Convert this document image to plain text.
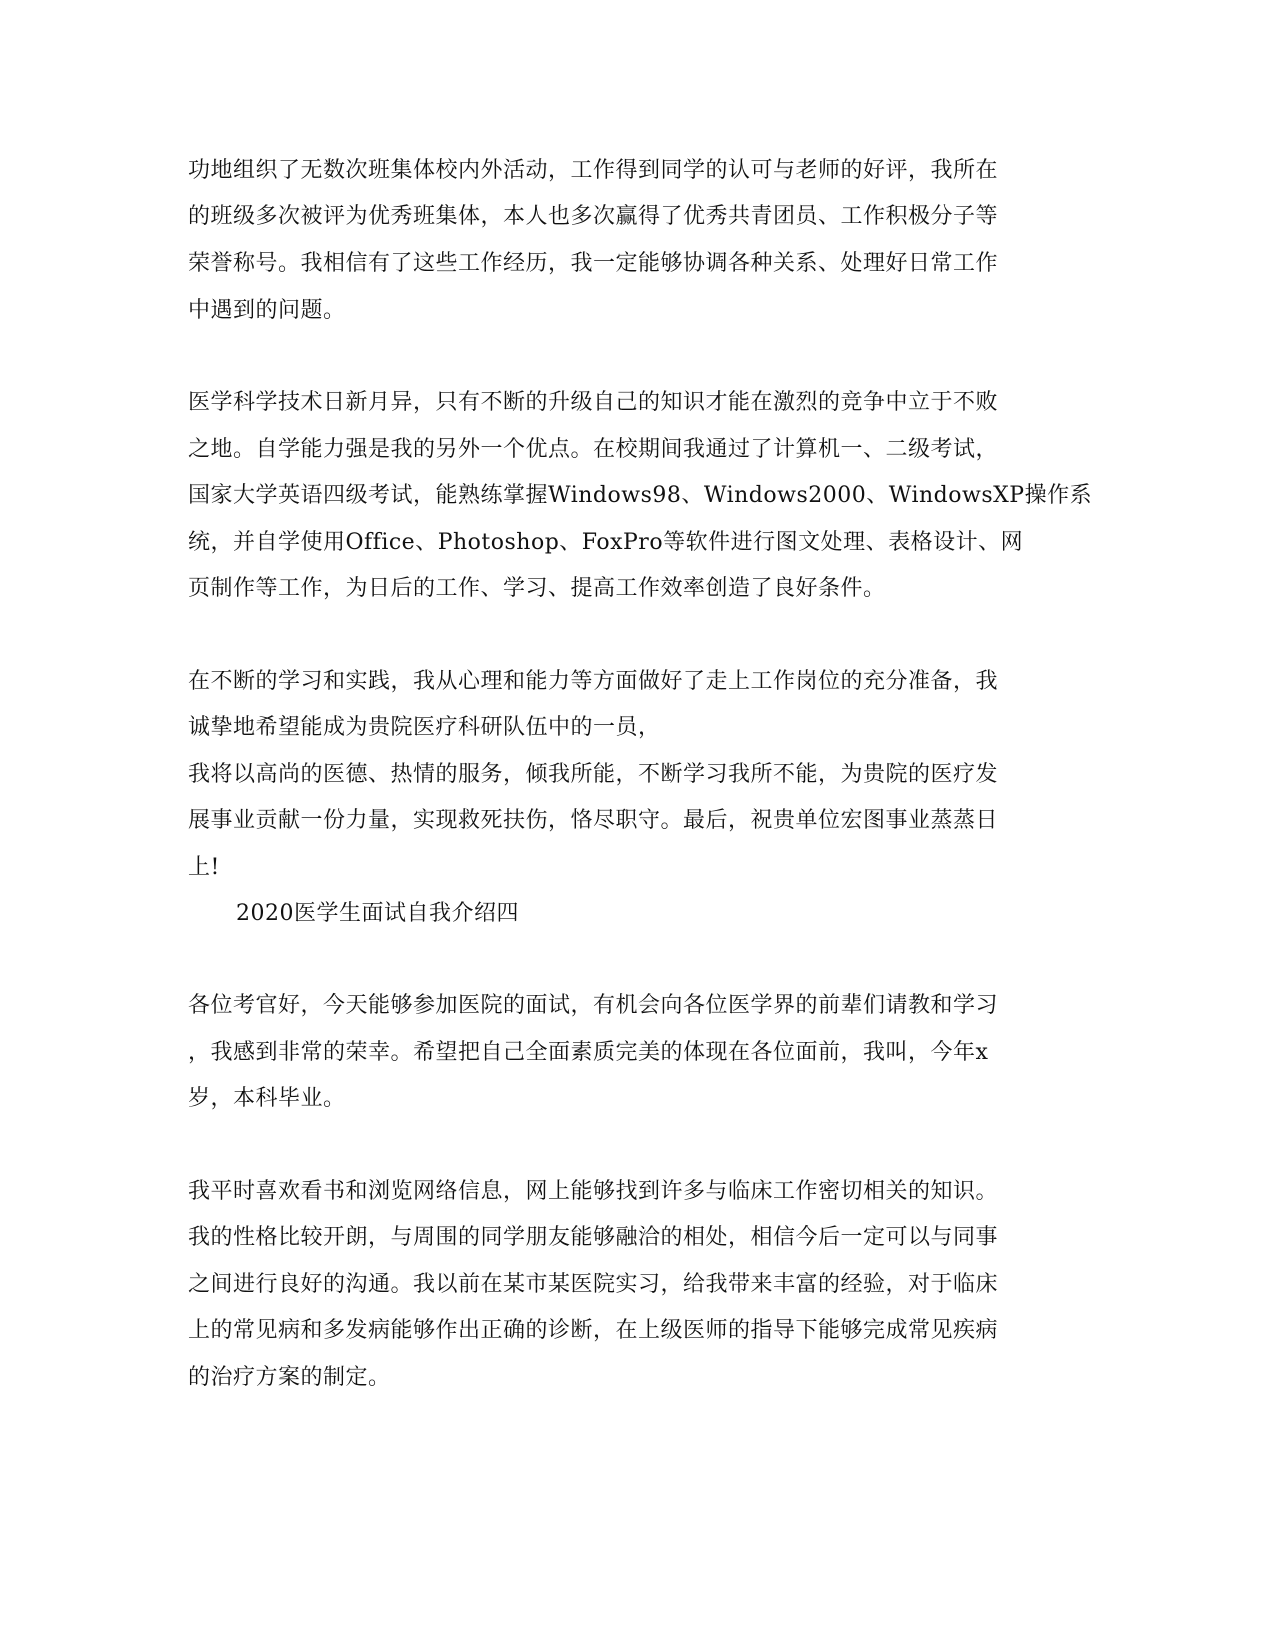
功地组织了无数次班集体校内外活动，工作得到同学的认可与老师的好评，我所在
的班级多次被评为优秀班集体，本人也多次赢得了优秀共青团员、工作积极分子等
荣誉称号。我相信有了这些工作经历，我一定能够协调各种关系、处理好日常工作
中遇到的问题。
医学科学技术日新月异，只有不断的升级自己的知识才能在激烈的竞争中立于不败
之地。自学能力强是我的另外一个优点。在校期间我通过了计算机一、二级考试，
国家大学英语四级考试，能熟练掌握Windows98、Windows2000、WindowsXP操作系
统，并自学使用Office、Photoshop、FoxPro等软件进行图文处理、表格设计、网
页制作等工作，为日后的工作、学习、提高工作效率创造了良好条件。
在不断的学习和实践，我从心理和能力等方面做好了走上工作岗位的充分准备，我
诚挚地希望能成为贵院医疗科研队伍中的一员，
我将以高尚的医德、热情的服务，倾我所能，不断学习我所不能，为贵院的医疗发
展事业贡献一份力量，实现救死扶伤，恪尽职守。最后，祝贵单位宏图事业蒸蒸日
上!
2020医学生面试自我介绍四
各位考官好，今天能够参加医院的面试，有机会向各位医学界的前辈们请教和学习
，我感到非常的荣幸。希望把自己全面素质完美的体现在各位面前，我叫，今年x
岁，本科毕业。
我平时喜欢看书和浏览网络信息，网上能够找到许多与临床工作密切相关的知识。
我的性格比较开朗，与周围的同学朋友能够融洽的相处，相信今后一定可以与同事
之间进行良好的沟通。我以前在某市某医院实习，给我带来丰富的经验，对于临床
上的常见病和多发病能够作出正确的诊断，在上级医师的指导下能够完成常见疾病
的治疗方案的制定。
